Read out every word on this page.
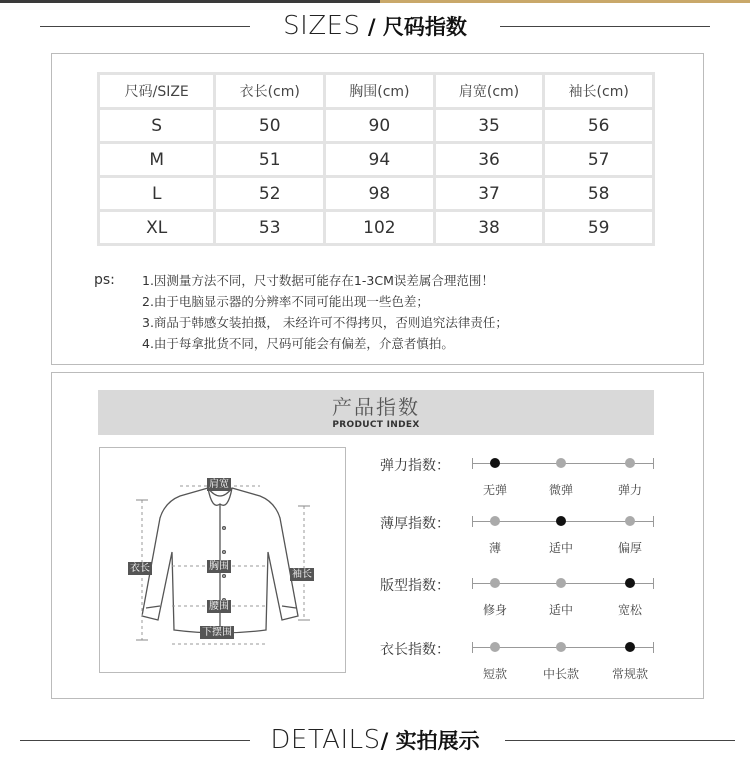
SIZES / 尺码指数
尺码/SIZE	衣长(cm)	胸围(cm)	肩宽(cm)	袖长(cm)
S	50	90	35	56
M	51	94	36	57
L	52	98	37	58
XL	53	102	38	59
ps: 1.因测量方法不同，尺寸数据可能存在1-3CM误差属合理范围！
2.由于电脑显示器的分辨率不同可能出现一些色差；
3.商品于韩感女装拍摄， 未经许可不得拷贝，否则追究法律责任；
4.由于每拿批货不同，尺码可能会有偏差，介意者慎拍。
产品指数
PRODUCT INDEX
肩宽
胸围
腰围
下摆围
衣长
袖长
弹力指数：
无弹	微弹	弹力
薄厚指数：
薄	适中	偏厚
版型指数：
修身	适中	宽松
衣长指数：
短款	中长款	常规款
DETAILS/ 实拍展示
